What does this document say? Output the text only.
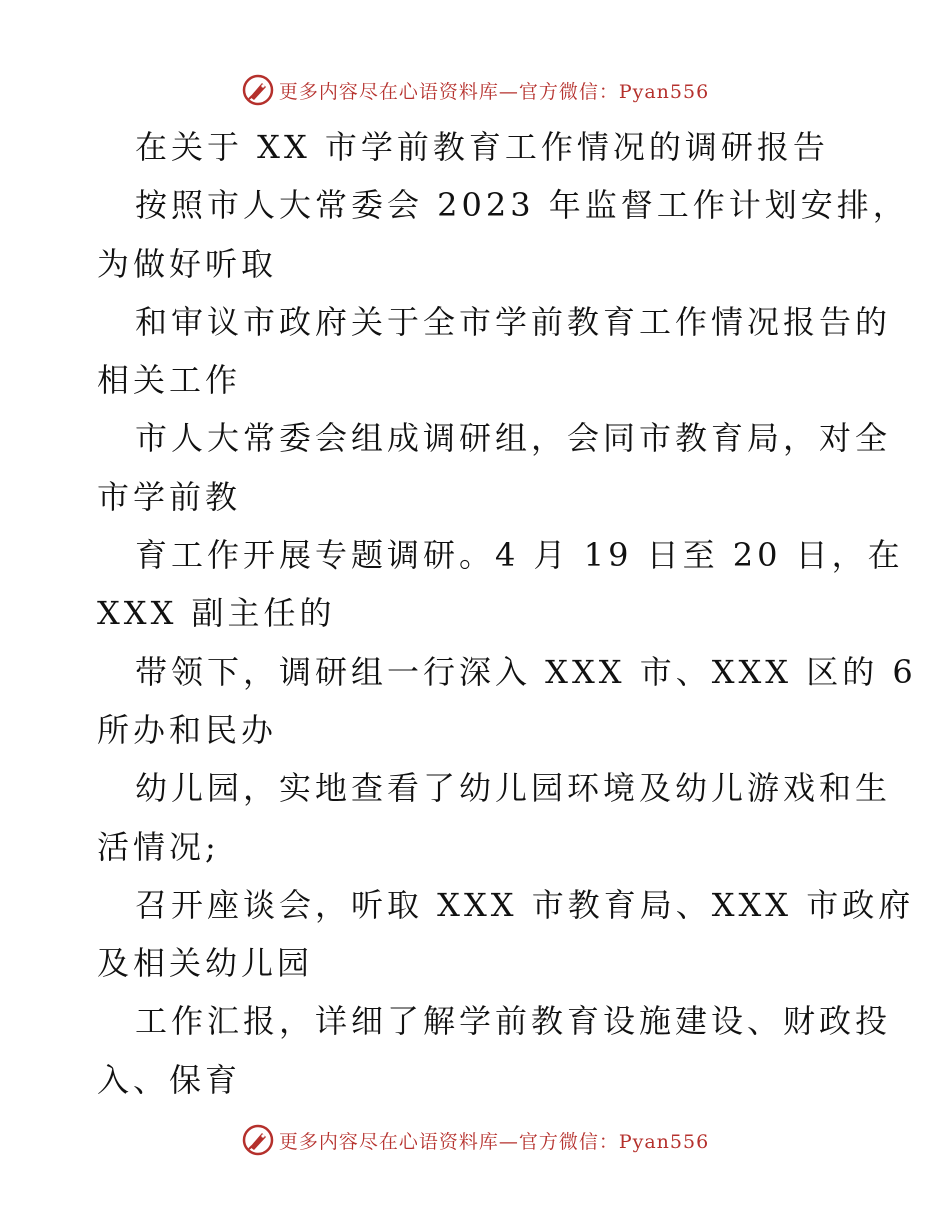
更多内容尽在心语资料库—官方微信：Pyan556
在关于 XX 市学前教育工作情况的调研报告
按照市人大常委会 2023 年监督工作计划安排，
为做好听取
和审议市政府关于全市学前教育工作情况报告的
相关工作
市人大常委会组成调研组，会同市教育局，对全
市学前教
育工作开展专题调研。4 月 19 日至 20 日，在
XXX 副主任的
带领下，调研组一行深入 XXX 市、XXX 区的 6
所办和民办
幼儿园，实地查看了幼儿园环境及幼儿游戏和生
活情况;
召开座谈会，听取 XXX 市教育局、XXX 市政府
及相关幼儿园
工作汇报，详细了解学前教育设施建设、财政投
入、保育
更多内容尽在心语资料库—官方微信：Pyan556
